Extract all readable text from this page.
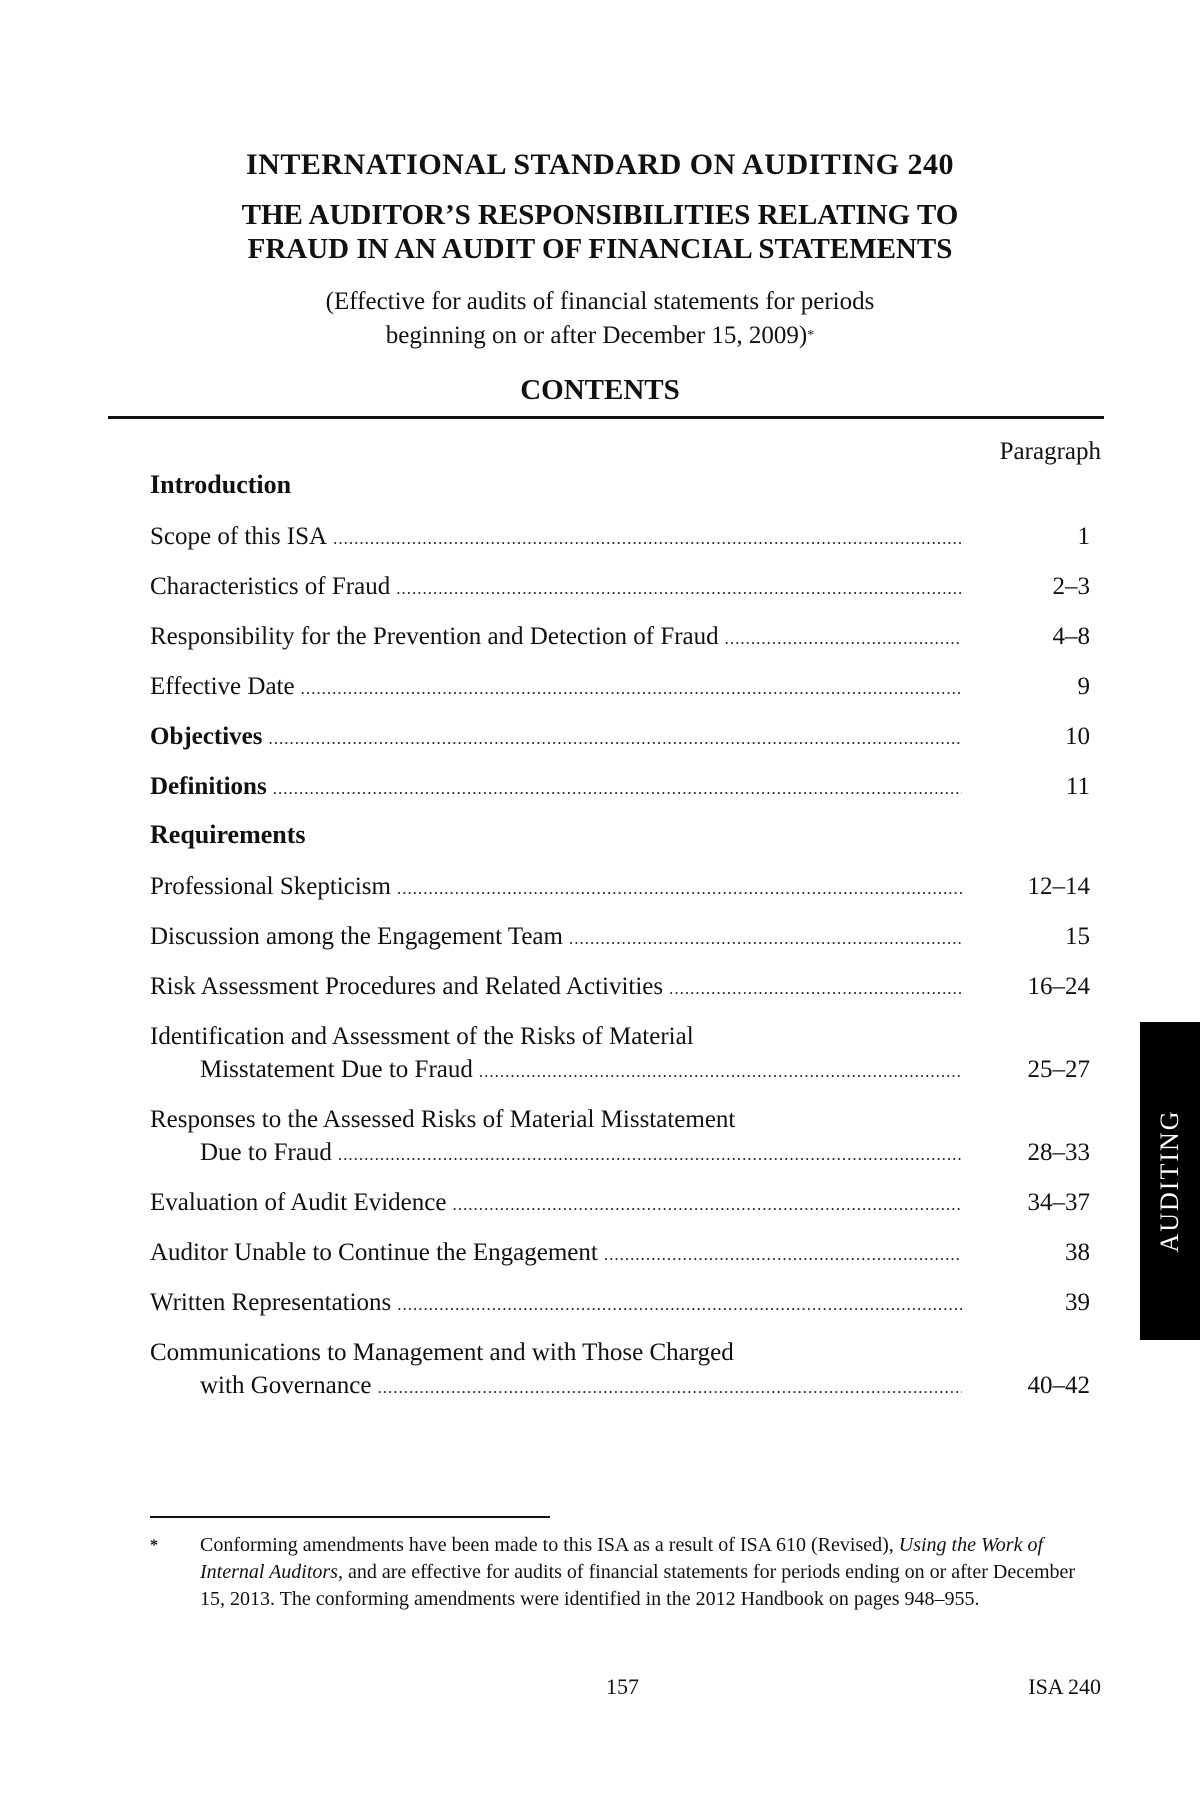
INTERNATIONAL STANDARD ON AUDITING 240
THE AUDITOR’S RESPONSIBILITIES RELATING TO
FRAUD IN AN AUDIT OF FINANCIAL STATEMENTS
(Effective for audits of financial statements for periods
beginning on or after December 15, 2009)*
CONTENTS
Paragraph
Introduction
Scope of this ISA .....	1
Characteristics of Fraud .....	2–3
Responsibility for the Prevention and Detection of Fraud .....	4–8
Effective Date .....	9
Objectives .....	10
Definitions .....	11
Requirements
Professional Skepticism .....	12–14
Discussion among the Engagement Team .....	15
Risk Assessment Procedures and Related Activities .....	16–24
Identification and Assessment of the Risks of Material
Misstatement Due to Fraud .....	25–27
Responses to the Assessed Risks of Material Misstatement
Due to Fraud .....	28–33
Evaluation of Audit Evidence .....	34–37
Auditor Unable to Continue the Engagement .....	38
Written Representations .....	39
Communications to Management and with Those Charged
with Governance .....	40–42
AUDITING
* Conforming amendments have been made to this ISA as a result of ISA 610 (Revised), Using the Work of Internal Auditors, and are effective for audits of financial statements for periods ending on or after December 15, 2013. The conforming amendments were identified in the 2012 Handbook on pages 948–955.
157	ISA 240
